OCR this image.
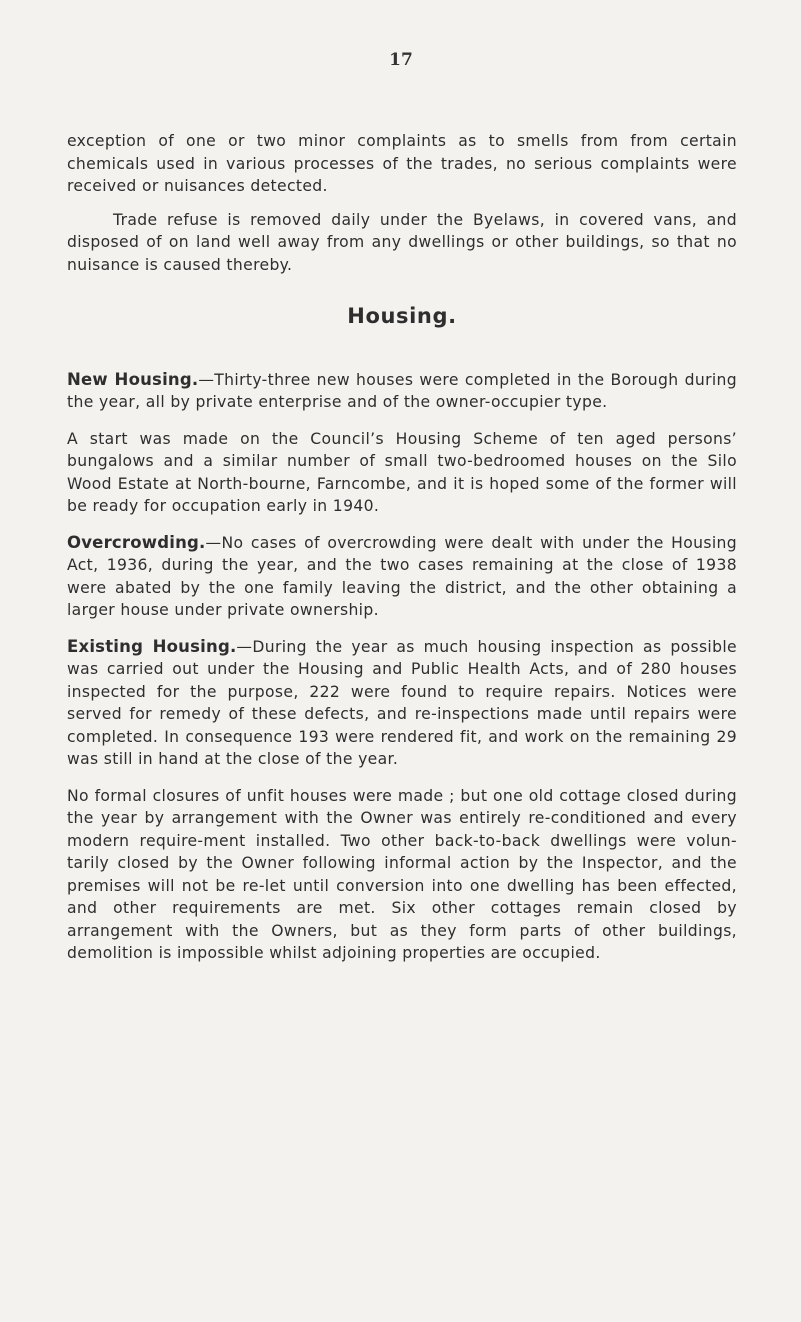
17

exception of one or two minor complaints as to smells from from certain chemicals used in various processes of the trades, no serious complaints were received or nuisances detected.

Trade refuse is removed daily under the Byelaws, in covered vans, and disposed of on land well away from any dwellings or other buildings, so that no nuisance is caused thereby.

Housing.

New Housing.—Thirty-three new houses were completed in the Borough during the year, all by private enterprise and of the owner-occupier type.

A start was made on the Council’s Housing Scheme of ten aged persons’ bungalows and a similar number of small two-bedroomed houses on the Silo Wood Estate at North-bourne, Farncombe, and it is hoped some of the former will be ready for occupation early in 1940.

Overcrowding.—No cases of overcrowding were dealt with under the Housing Act, 1936, during the year, and the two cases remaining at the close of 1938 were abated by the one family leaving the district, and the other obtaining a larger house under private ownership.

Existing Housing.—During the year as much housing inspection as possible was carried out under the Housing and Public Health Acts, and of 280 houses inspected for the purpose, 222 were found to require repairs. Notices were served for remedy of these defects, and re-inspections made until repairs were completed. In consequence 193 were rendered fit, and work on the remaining 29 was still in hand at the close of the year.

No formal closures of unfit houses were made ; but one old cottage closed during the year by arrangement with the Owner was entirely re-conditioned and every modern require-ment installed. Two other back-to-back dwellings were volun-tarily closed by the Owner following informal action by the Inspector, and the premises will not be re-let until conversion into one dwelling has been effected, and other requirements are met. Six other cottages remain closed by arrangement with the Owners, but as they form parts of other buildings, demolition is impossible whilst adjoining properties are occupied.
